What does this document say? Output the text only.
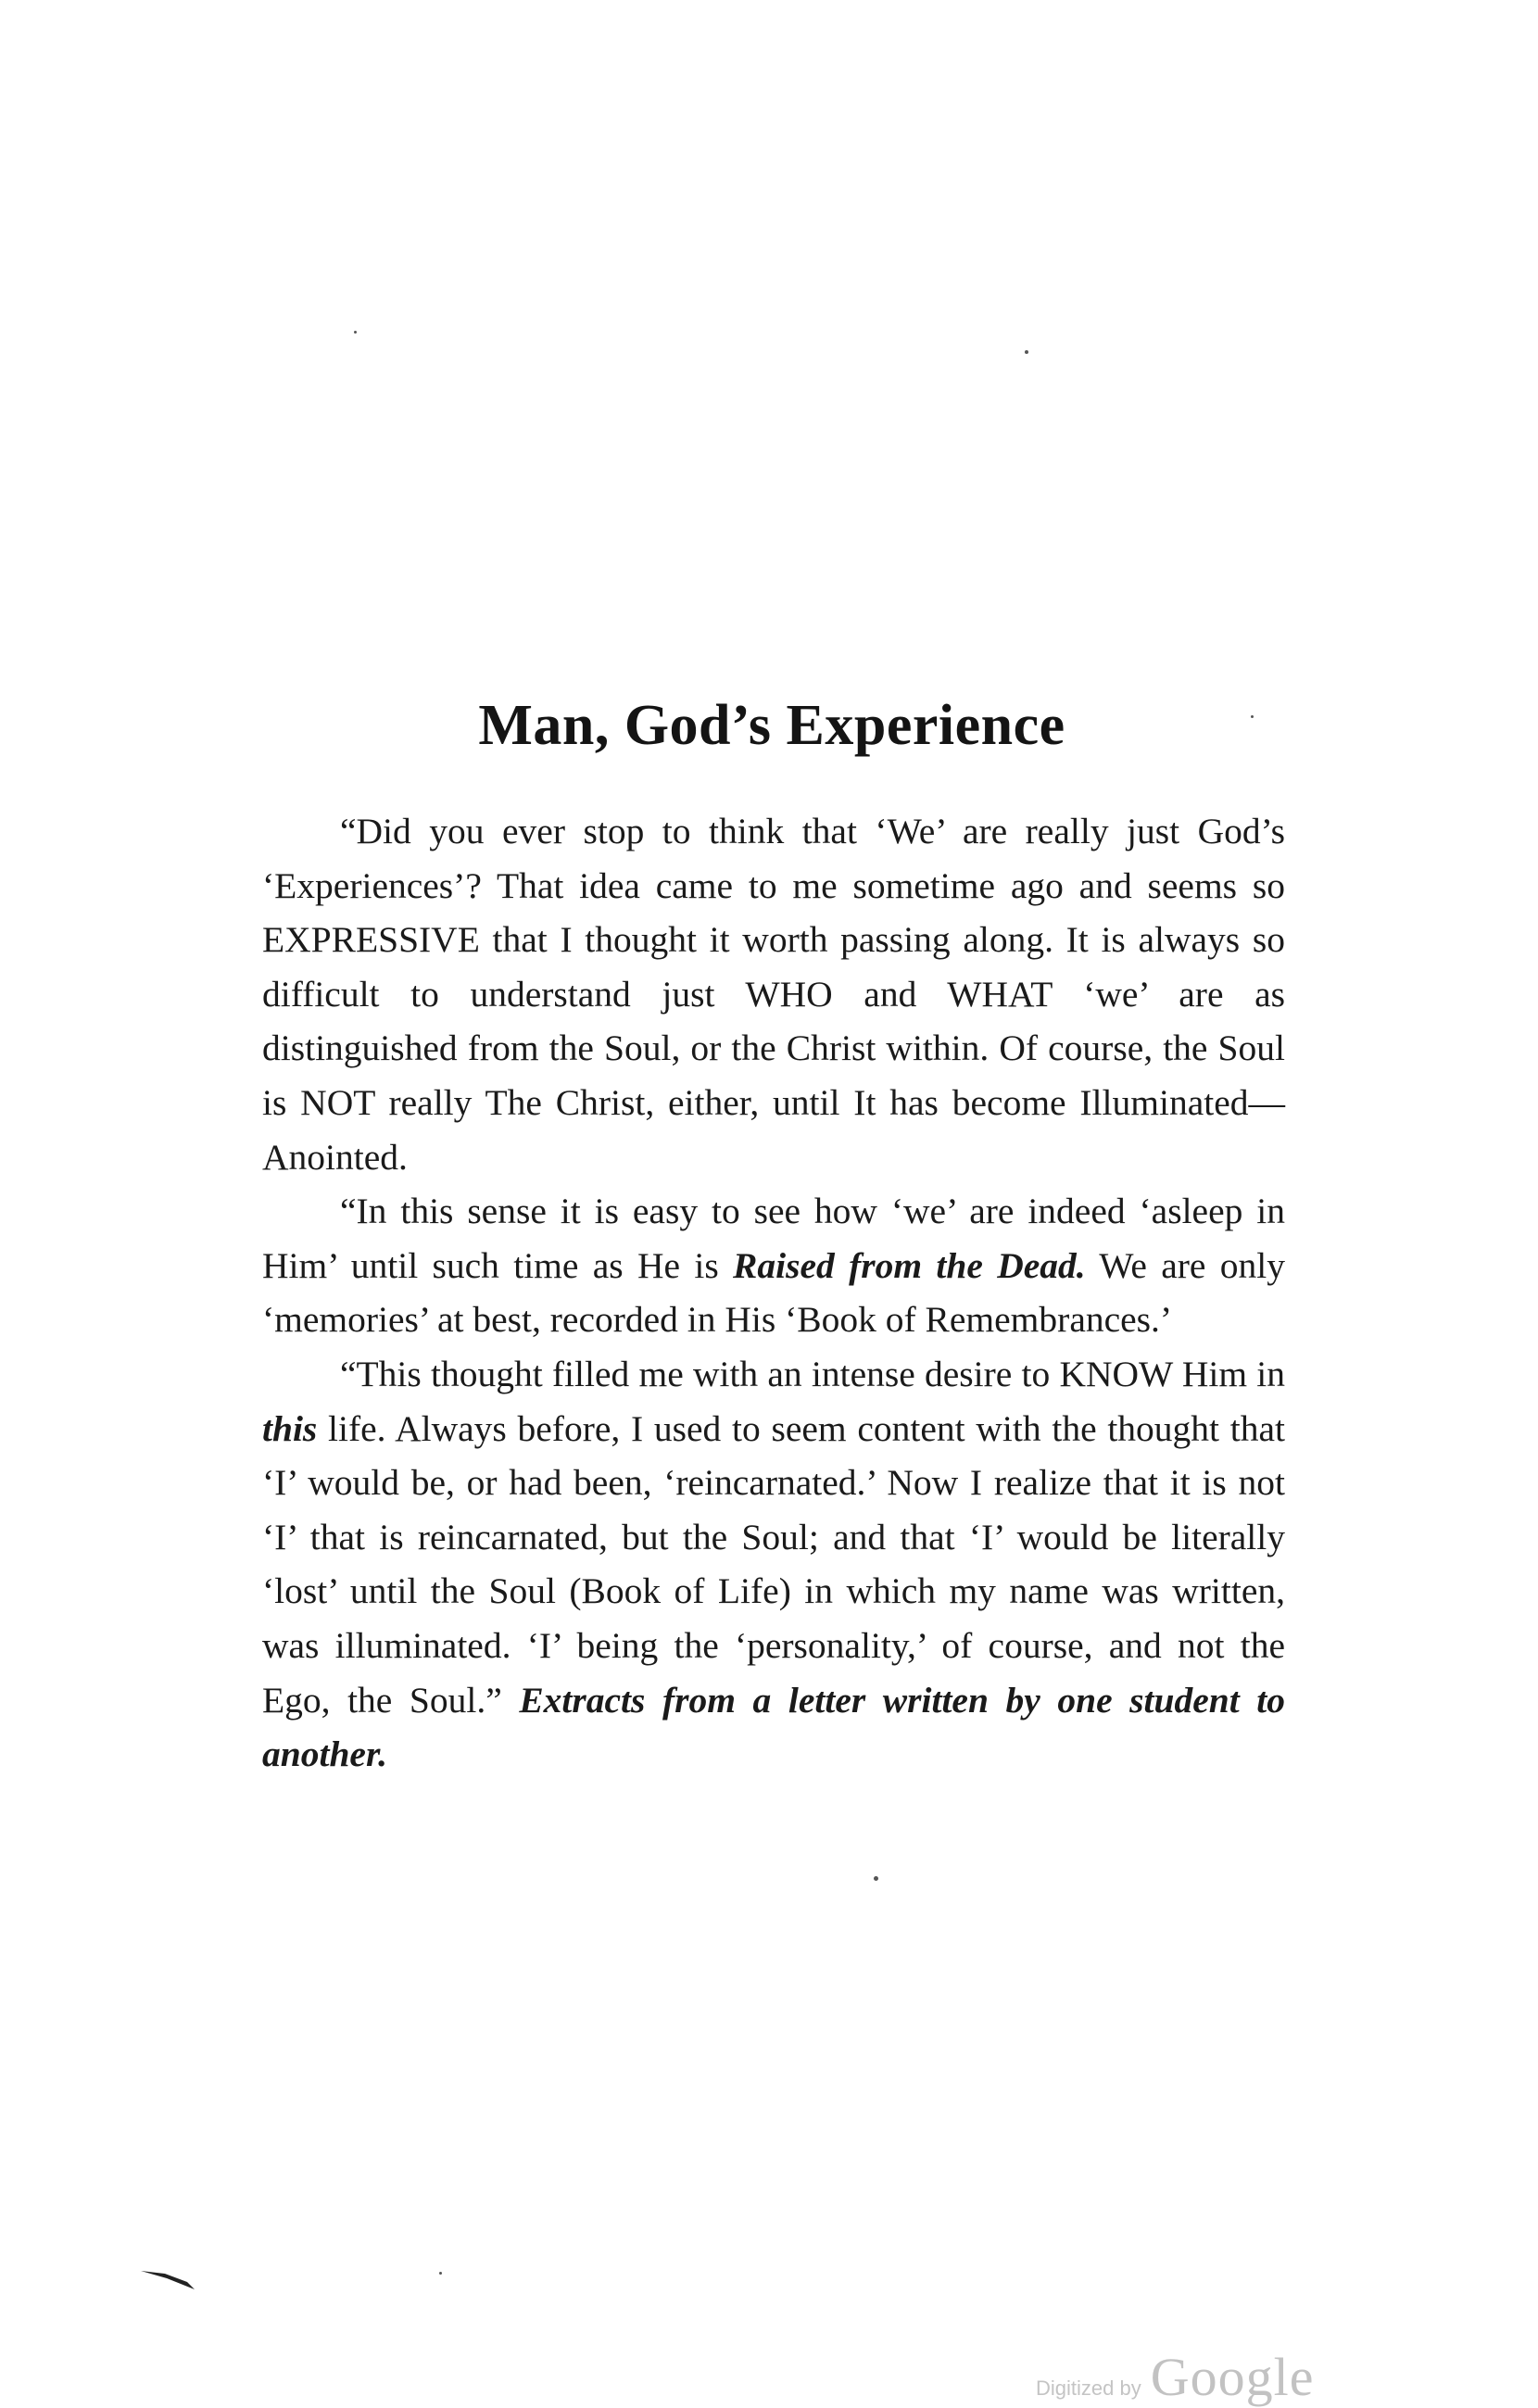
Man, God’s Experience

“Did you ever stop to think that ‘We’ are really just God’s ‘Experiences’? That idea came to me sometime ago and seems so EXPRESSIVE that I thought it worth passing along. It is always so difficult to understand just WHO and WHAT ‘we’ are as distinguished from the Soul, or the Christ within. Of course, the Soul is NOT really The Christ, either, until It has become Illuminated—Anointed.

“In this sense it is easy to see how ‘we’ are indeed ‘asleep in Him’ until such time as He is Raised from the Dead. We are only ‘memories’ at best, recorded in His ‘Book of Remembrances.’

“This thought filled me with an intense desire to KNOW Him in this life. Always before, I used to seem content with the thought that ‘I’ would be, or had been, ‘reincarnated.’ Now I realize that it is not ‘I’ that is reincarnated, but the Soul; and that ‘I’ would be literally ‘lost’ until the Soul (Book of Life) in which my name was written, was illuminated. ‘I’ being the ‘personality,’ of course, and not the Ego, the Soul.” Extracts from a letter written by one student to another.

Digitized by Google
